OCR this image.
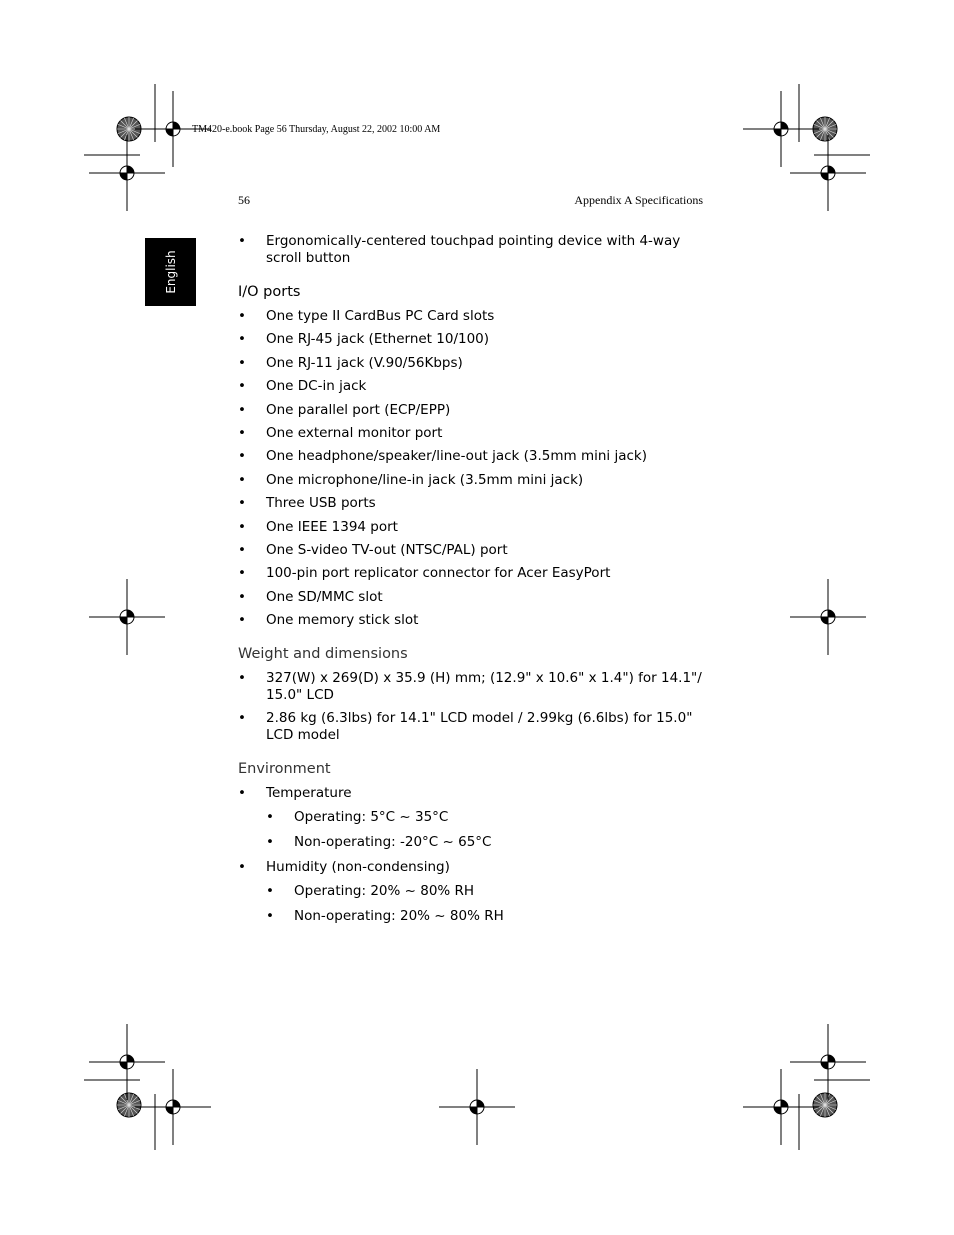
TM420-e.book Page 56 Thursday, August 22, 2002 10:00 AM
56	Appendix A Specifications
English
• Ergonomically-centered touchpad pointing device with 4-way scroll button
I/O ports
• One type II CardBus PC Card slots
• One RJ-45 jack (Ethernet 10/100)
• One RJ-11 jack (V.90/56Kbps)
• One DC-in jack
• One parallel port (ECP/EPP)
• One external monitor port
• One headphone/speaker/line-out jack (3.5mm mini jack)
• One microphone/line-in jack (3.5mm mini jack)
• Three USB ports
• One IEEE 1394 port
• One S-video TV-out (NTSC/PAL) port
• 100-pin port replicator connector for Acer EasyPort
• One SD/MMC slot
• One memory stick slot
Weight and dimensions
• 327(W) x 269(D) x 35.9 (H) mm; (12.9" x 10.6" x 1.4") for 14.1"/ 15.0" LCD
• 2.86 kg (6.3lbs) for 14.1" LCD model / 2.99kg (6.6lbs) for 15.0" LCD model
Environment
• Temperature
• Operating: 5°C ~ 35°C
• Non-operating: -20°C ~ 65°C
• Humidity (non-condensing)
• Operating: 20% ~ 80% RH
• Non-operating: 20% ~ 80% RH
